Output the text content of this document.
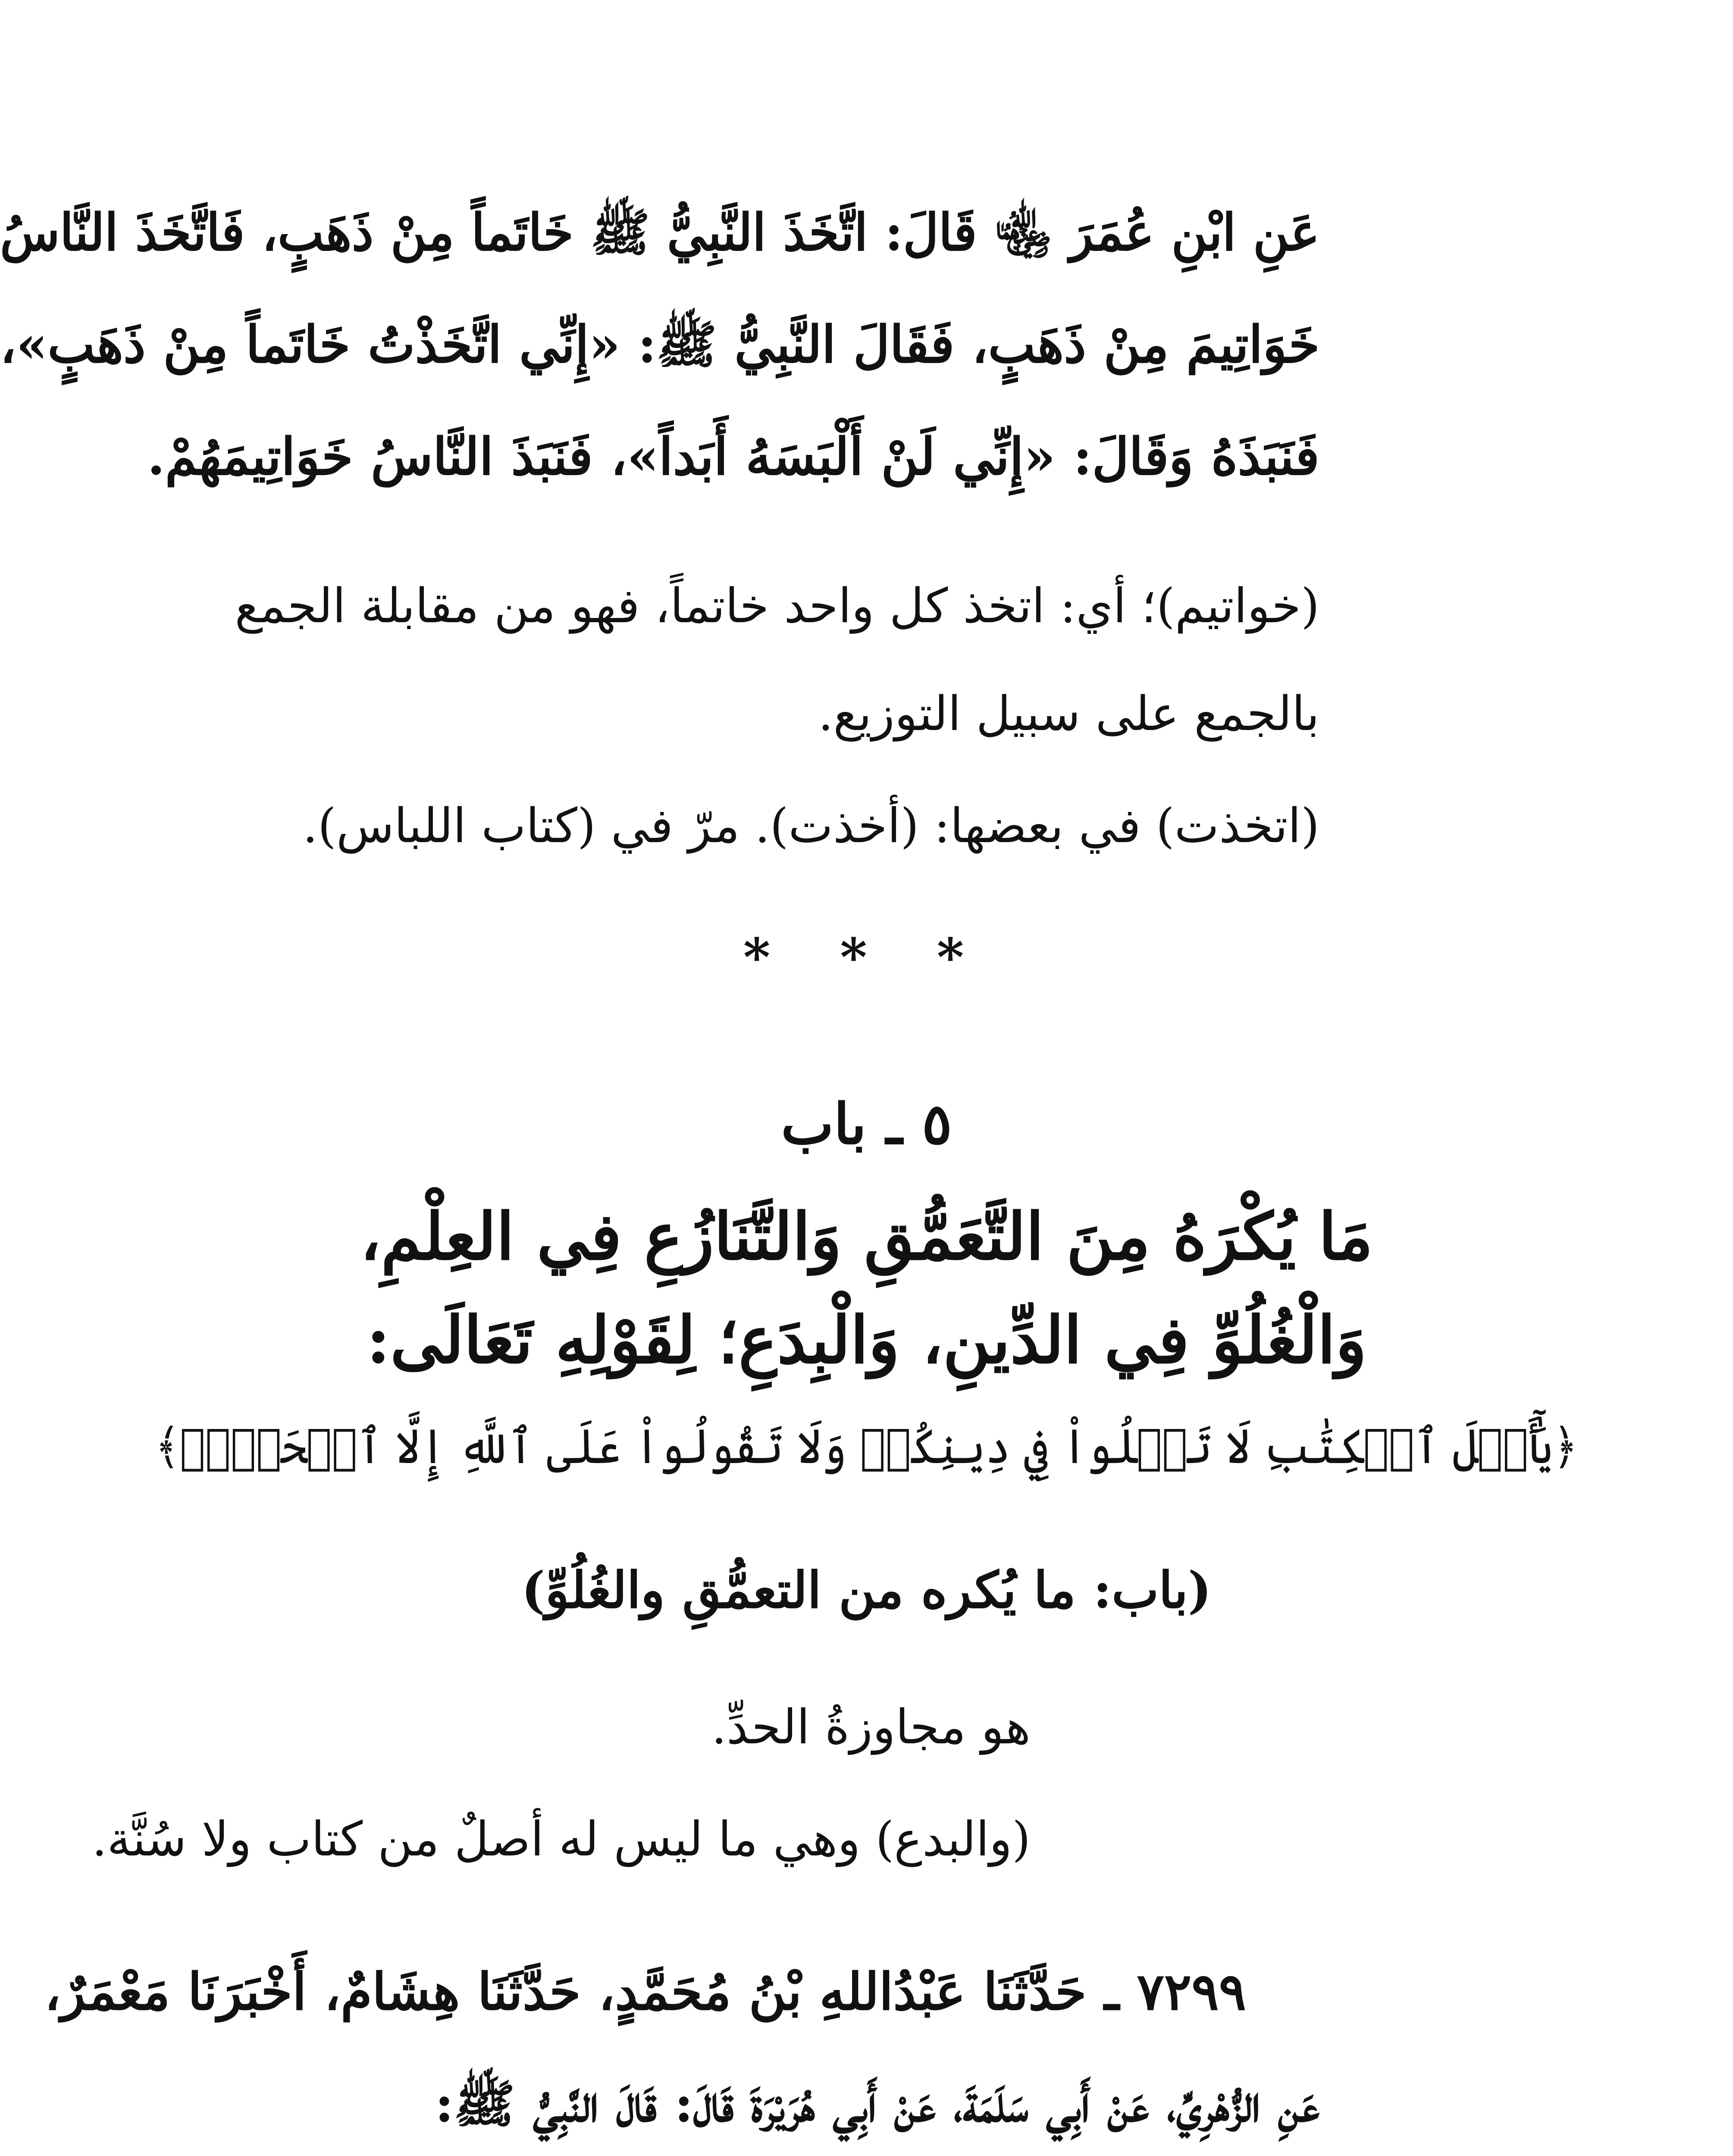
عَنِ ابْنِ عُمَرَ ﵄ قَالَ: اتَّخَذَ النَّبِيُّ ﷺ خَاتَماً مِنْ ذَهَبٍ، فَاتَّخَذَ النَّاسُ
خَوَاتِيمَ مِنْ ذَهَبٍ، فَقَالَ النَّبِيُّ ﷺ: «إِنِّي اتَّخَذْتُ خَاتَماً مِنْ ذَهَبٍ»،
فَنَبَذَهُ وَقَالَ: «إِنِّي لَنْ أَلْبَسَهُ أَبَداً»، فَنَبَذَ النَّاسُ خَوَاتِيمَهُمْ.
(خواتيم)؛ أي: اتخذ كل واحد خاتماً، فهو من مقابلة الجمع
بالجمع على سبيل التوزيع.
(اتخذت) في بعضها: (أخذت). مرّ في (كتاب اللباس).
* * *
٥ ـ باب
مَا يُكْرَهُ مِنَ التَّعَمُّقِ وَالتَّنَازُعِ فِي العِلْمِ،
وَالْغُلُوِّ فِي الدِّينِ، وَالْبِدَعِ؛ لِقَوْلِهِ تَعَالَى:
﴿يَٰٓأَهۡلَ ٱلۡكِتَٰبِ لَا تَغۡلُواْ فِي دِينِكُمۡ وَلَا تَقُولُواْ عَلَى ٱللَّهِ إِلَّا ٱلۡحَقَّۚ﴾
(باب: ما يُكره من التعمُّقِ والغُلُوِّ)
هو مجاوزةُ الحدِّ.
(والبدع) وهي ما ليس له أصلٌ من كتاب ولا سُنَّة.
٧٢٩٩ ـ حَدَّثَنَا عَبْدُاللهِ بْنُ مُحَمَّدٍ، حَدَّثَنَا هِشَامٌ، أَخْبَرَنَا مَعْمَرٌ،
عَنِ الزُّهْرِيِّ، عَنْ أَبِي سَلَمَةَ، عَنْ أَبِي هُرَيْرَةَ قَالَ: قَالَ النَّبِيُّ ﷺ:
